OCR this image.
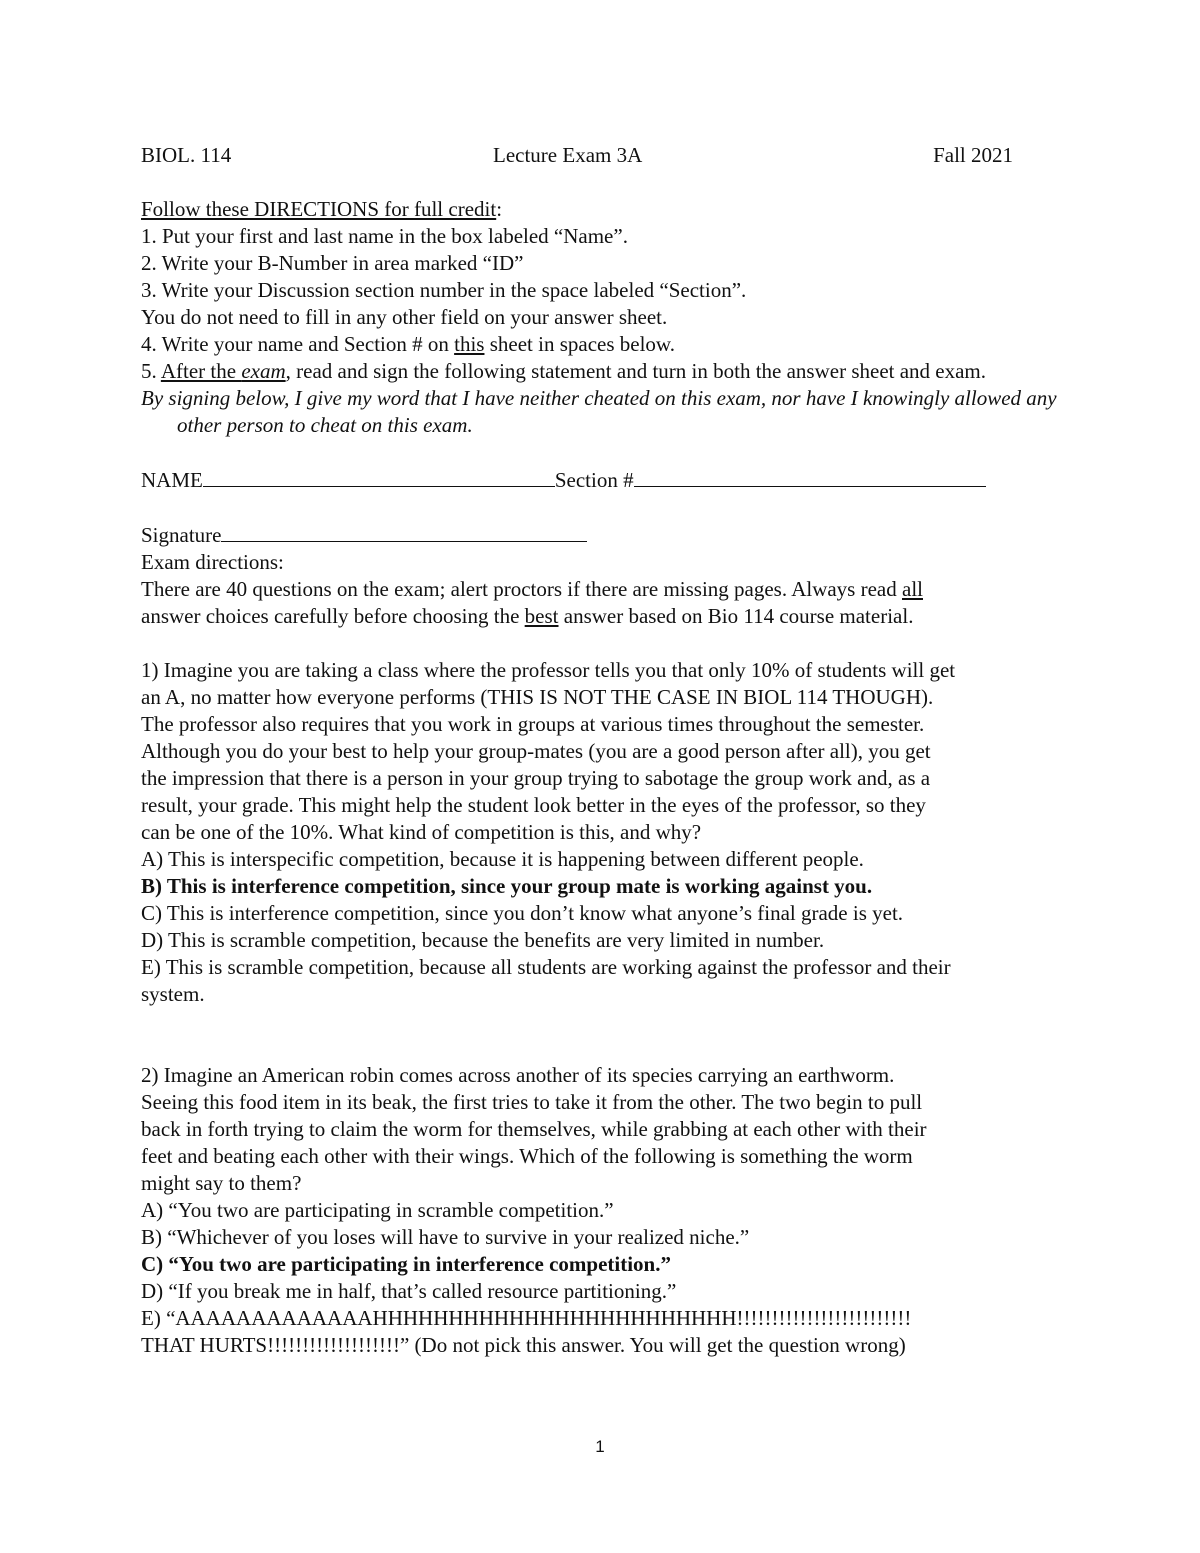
BIOL. 114	Lecture Exam 3A	Fall 2021
Follow these DIRECTIONS for full credit:
1. Put your first and last name in the box labeled “Name”.
2. Write your B-Number in area marked “ID”
3. Write your Discussion section number in the space labeled “Section”.
You do not need to fill in any other field on your answer sheet.
4. Write your name and Section # on this sheet in spaces below.
5. After the exam, read and sign the following statement and turn in both the answer sheet and exam.
By signing below, I give my word that I have neither cheated on this exam, nor have I knowingly allowed any other person to cheat on this exam.
NAME	Section #
Signature
Exam directions:
There are 40 questions on the exam; alert proctors if there are missing pages. Always read all
answer choices carefully before choosing the best answer based on Bio 114 course material.
1) Imagine you are taking a class where the professor tells you that only 10% of students will get
an A, no matter how everyone performs (THIS IS NOT THE CASE IN BIOL 114 THOUGH).
The professor also requires that you work in groups at various times throughout the semester.
Although you do your best to help your group-mates (you are a good person after all), you get
the impression that there is a person in your group trying to sabotage the group work and, as a
result, your grade. This might help the student look better in the eyes of the professor, so they
can be one of the 10%. What kind of competition is this, and why?
A) This is interspecific competition, because it is happening between different people.
B) This is interference competition, since your group mate is working against you.
C) This is interference competition, since you don’t know what anyone’s final grade is yet.
D) This is scramble competition, because the benefits are very limited in number.
E) This is scramble competition, because all students are working against the professor and their
system.
2) Imagine an American robin comes across another of its species carrying an earthworm.
Seeing this food item in its beak, the first tries to take it from the other. The two begin to pull
back in forth trying to claim the worm for themselves, while grabbing at each other with their
feet and beating each other with their wings. Which of the following is something the worm
might say to them?
A) “You two are participating in scramble competition.”
B) “Whichever of you loses will have to survive in your realized niche.”
C) “You two are participating in interference competition.”
D) “If you break me in half, that’s called resource partitioning.”
E) “AAAAAAAAAAAAAHHHHHHHHHHHHHHHHHHHHHHHH!!!!!!!!!!!!!!!!!!!!!!!!!
THAT HURTS!!!!!!!!!!!!!!!!!!!” (Do not pick this answer. You will get the question wrong)
1
